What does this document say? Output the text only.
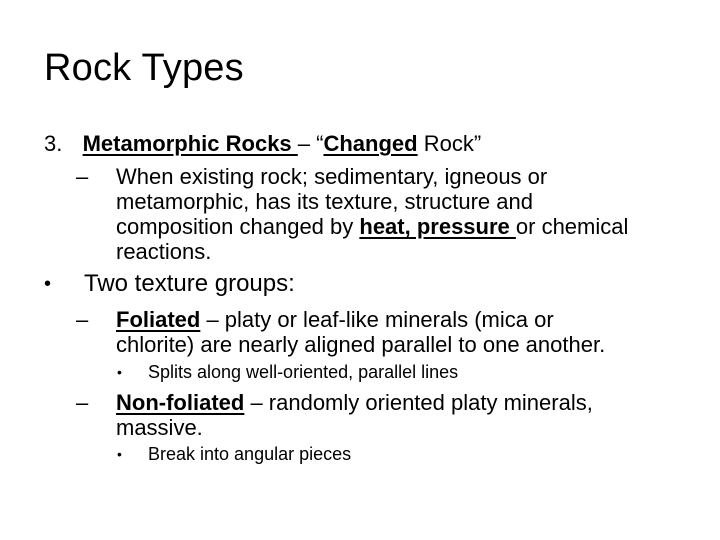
Rock Types
3. Metamorphic Rocks – “Changed Rock”
– When existing rock; sedimentary, igneous or
metamorphic, has its texture, structure and
composition changed by heat, pressure or chemical
reactions.
• Two texture groups:
– Foliated – platy or leaf-like minerals (mica or
chlorite) are nearly aligned parallel to one another.
• Splits along well-oriented, parallel lines
– Non-foliated – randomly oriented platy minerals,
massive.
• Break into angular pieces
